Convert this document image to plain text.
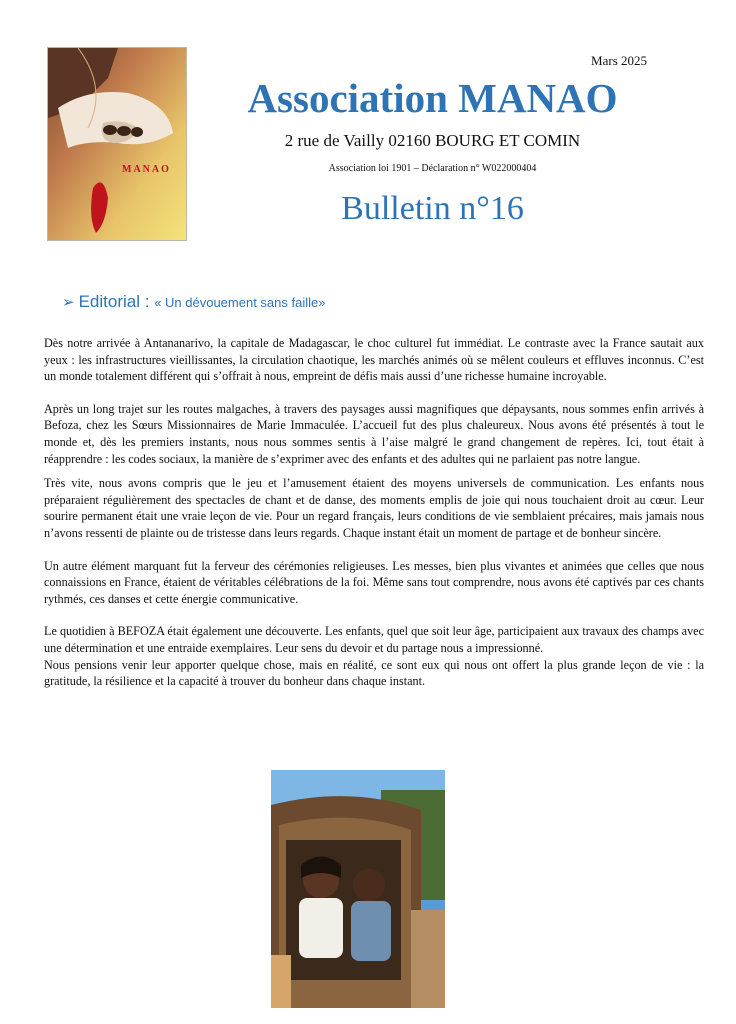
MANAO
Mars 2025
Association MANAO
2 rue de Vailly 02160 BOURG ET COMIN
Association loi 1901 – Déclaration n° W022000404
Bulletin n°16
➢ Editorial : « Un dévouement sans faille»

Dès notre arrivée à Antananarivo, la capitale de Madagascar, le choc culturel fut immédiat. Le contraste avec la France sautait aux yeux : les infrastructures vieillissantes, la circulation chaotique, les marchés animés où se mêlent couleurs et effluves inconnus. C’est un monde totalement différent qui s’offrait à nous, empreint de défis mais aussi d’une richesse humaine incroyable.

Après un long trajet sur les routes malgaches, à travers des paysages aussi magnifiques que dépaysants, nous sommes enfin arrivés à Befoza, chez les Sœurs Missionnaires de Marie Immaculée. L’accueil fut des plus chaleureux. Nous avons été présentés à tout le monde et, dès les premiers instants, nous nous sommes sentis à l’aise malgré le grand changement de repères. Ici, tout était à réapprendre : les codes sociaux, la manière de s’exprimer avec des enfants et des adultes qui ne parlaient pas notre langue.

Très vite, nous avons compris que le jeu et l’amusement étaient des moyens universels de communication. Les enfants nous préparaient régulièrement des spectacles de chant et de danse, des moments emplis de joie qui nous touchaient droit au cœur. Leur sourire permanent était une vraie leçon de vie. Pour un regard français, leurs conditions de vie semblaient précaires, mais jamais nous n’avons ressenti de plainte ou de tristesse dans leurs regards. Chaque instant était un moment de partage et de bonheur sincère.

Un autre élément marquant fut la ferveur des cérémonies religieuses. Les messes, bien plus vivantes et animées que celles que nous connaissions en France, étaient de véritables célébrations de la foi. Même sans tout comprendre, nous avons été captivés par ces chants rythmés, ces danses et cette énergie communicative.

Le quotidien à BEFOZA était également une découverte. Les enfants, quel que soit leur âge, participaient aux travaux des champs avec une détermination et une entraide exemplaires. Leur sens du devoir et du partage nous a impressionné.

Nous pensions venir leur apporter quelque chose, mais en réalité, ce sont eux qui nous ont offert la plus grande leçon de vie : la gratitude, la résilience et la capacité à trouver du bonheur dans chaque instant.
